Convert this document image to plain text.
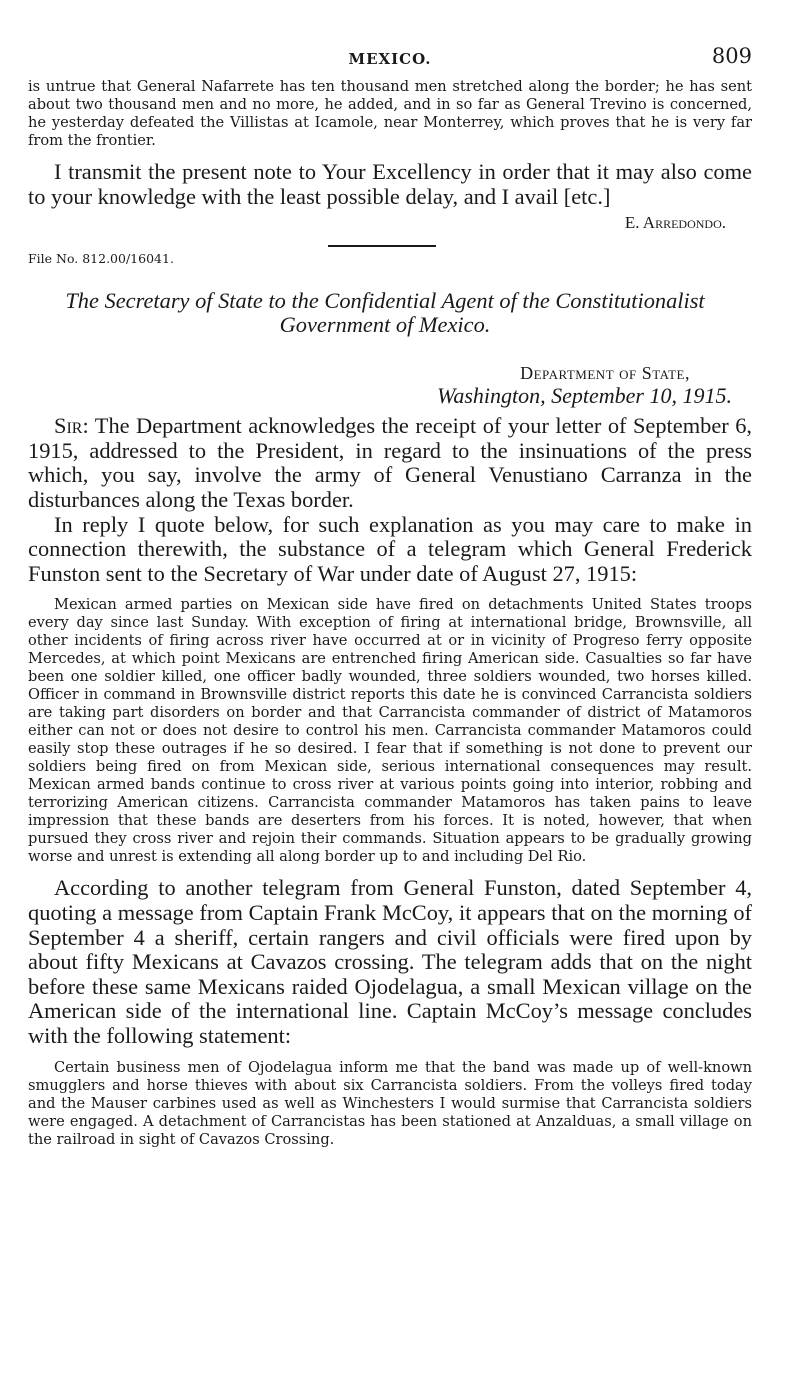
MEXICO.	809

is untrue that General Nafarrete has ten thousand men stretched along the border; he has sent about two thousand men and no more, he added, and in so far as General Trevino is concerned, he yesterday defeated the Villistas at Icamole, near Monterrey, which proves that he is very far from the frontier.

I transmit the present note to Your Excellency in order that it may also come to your knowledge with the least possible delay, and I avail [etc.]

E. Arredondo.
File No. 812.00/16041.
The Secretary of State to the Confidential Agent of the Constitutionalist Government of Mexico.
Department of State,
Washington, September 10, 1915.

Sir: The Department acknowledges the receipt of your letter of September 6, 1915, addressed to the President, in regard to the insinuations of the press which, you say, involve the army of General Venustiano Carranza in the disturbances along the Texas border.

In reply I quote below, for such explanation as you may care to make in connection therewith, the substance of a telegram which General Frederick Funston sent to the Secretary of War under date of August 27, 1915:

Mexican armed parties on Mexican side have fired on detachments United States troops every day since last Sunday. With exception of firing at international bridge, Brownsville, all other incidents of firing across river have occurred at or in vicinity of Progreso ferry opposite Mercedes, at which point Mexicans are entrenched firing American side. Casualties so far have been one soldier killed, one officer badly wounded, three soldiers wounded, two horses killed. Officer in command in Brownsville district reports this date he is convinced Carrancista soldiers are taking part disorders on border and that Carrancista commander of district of Matamoros either can not or does not desire to control his men. Carrancista commander Matamoros could easily stop these outrages if he so desired. I fear that if something is not done to prevent our soldiers being fired on from Mexican side, serious international consequences may result. Mexican armed bands continue to cross river at various points going into interior, robbing and terrorizing American citizens. Carrancista commander Matamoros has taken pains to leave impression that these bands are deserters from his forces. It is noted, however, that when pursued they cross river and rejoin their commands. Situation appears to be gradually growing worse and unrest is extending all along border up to and including Del Rio.

According to another telegram from General Funston, dated September 4, quoting a message from Captain Frank McCoy, it appears that on the morning of September 4 a sheriff, certain rangers and civil officials were fired upon by about fifty Mexicans at Cavazos crossing. The telegram adds that on the night before these same Mexicans raided Ojodelagua, a small Mexican village on the American side of the international line. Captain McCoy’s message concludes with the following statement:

Certain business men of Ojodelagua inform me that the band was made up of well-known smugglers and horse thieves with about six Carrancista soldiers. From the volleys fired today and the Mauser carbines used as well as Winchesters I would surmise that Carrancista soldiers were engaged. A detachment of Carrancistas has been stationed at Anzalduas, a small village on the railroad in sight of Cavazos Crossing.
